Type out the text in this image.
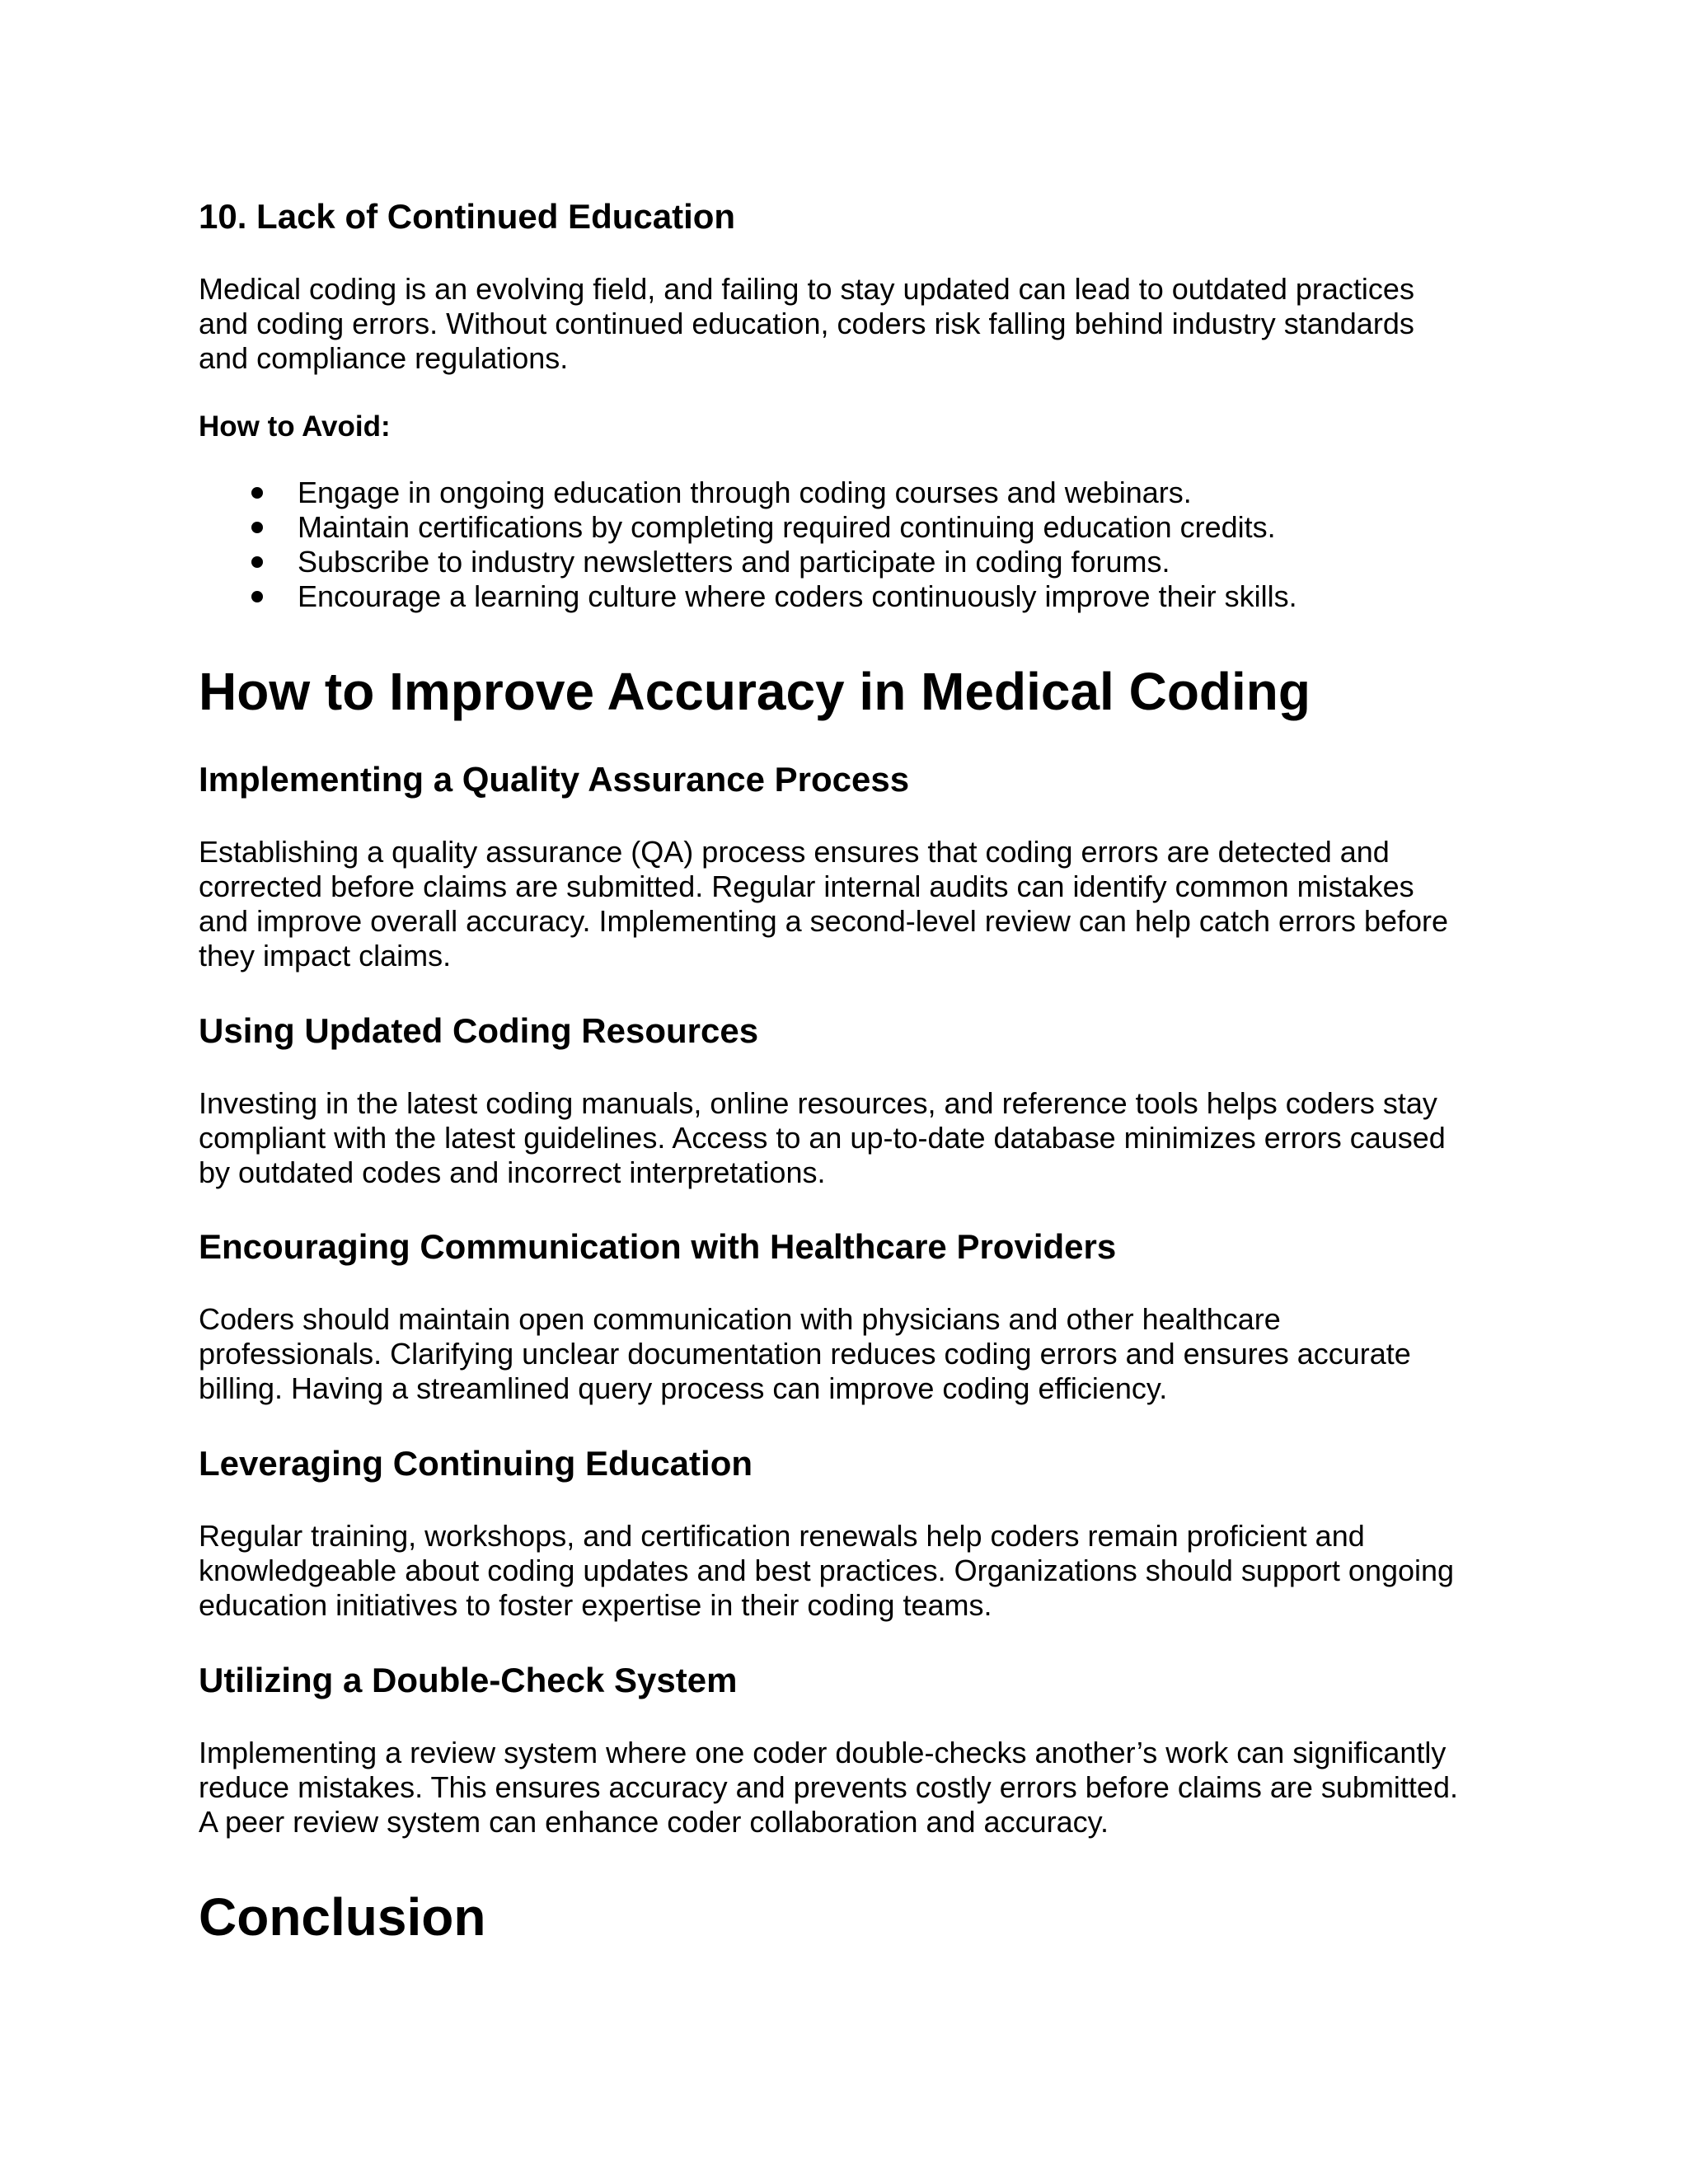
10. Lack of Continued Education

Medical coding is an evolving field, and failing to stay updated can lead to outdated practices
and coding errors. Without continued education, coders risk falling behind industry standards
and compliance regulations.

How to Avoid:
Engage in ongoing education through coding courses and webinars.
Maintain certifications by completing required continuing education credits.
Subscribe to industry newsletters and participate in coding forums.
Encourage a learning culture where coders continuously improve their skills.
How to Improve Accuracy in Medical Coding
Implementing a Quality Assurance Process

Establishing a quality assurance (QA) process ensures that coding errors are detected and
corrected before claims are submitted. Regular internal audits can identify common mistakes
and improve overall accuracy. Implementing a second-level review can help catch errors before
they impact claims.

Using Updated Coding Resources

Investing in the latest coding manuals, online resources, and reference tools helps coders stay
compliant with the latest guidelines. Access to an up-to-date database minimizes errors caused
by outdated codes and incorrect interpretations.

Encouraging Communication with Healthcare Providers

Coders should maintain open communication with physicians and other healthcare
professionals. Clarifying unclear documentation reduces coding errors and ensures accurate
billing. Having a streamlined query process can improve coding efficiency.

Leveraging Continuing Education

Regular training, workshops, and certification renewals help coders remain proficient and
knowledgeable about coding updates and best practices. Organizations should support ongoing
education initiatives to foster expertise in their coding teams.

Utilizing a Double-Check System

Implementing a review system where one coder double-checks another’s work can significantly
reduce mistakes. This ensures accuracy and prevents costly errors before claims are submitted.
A peer review system can enhance coder collaboration and accuracy.

Conclusion
